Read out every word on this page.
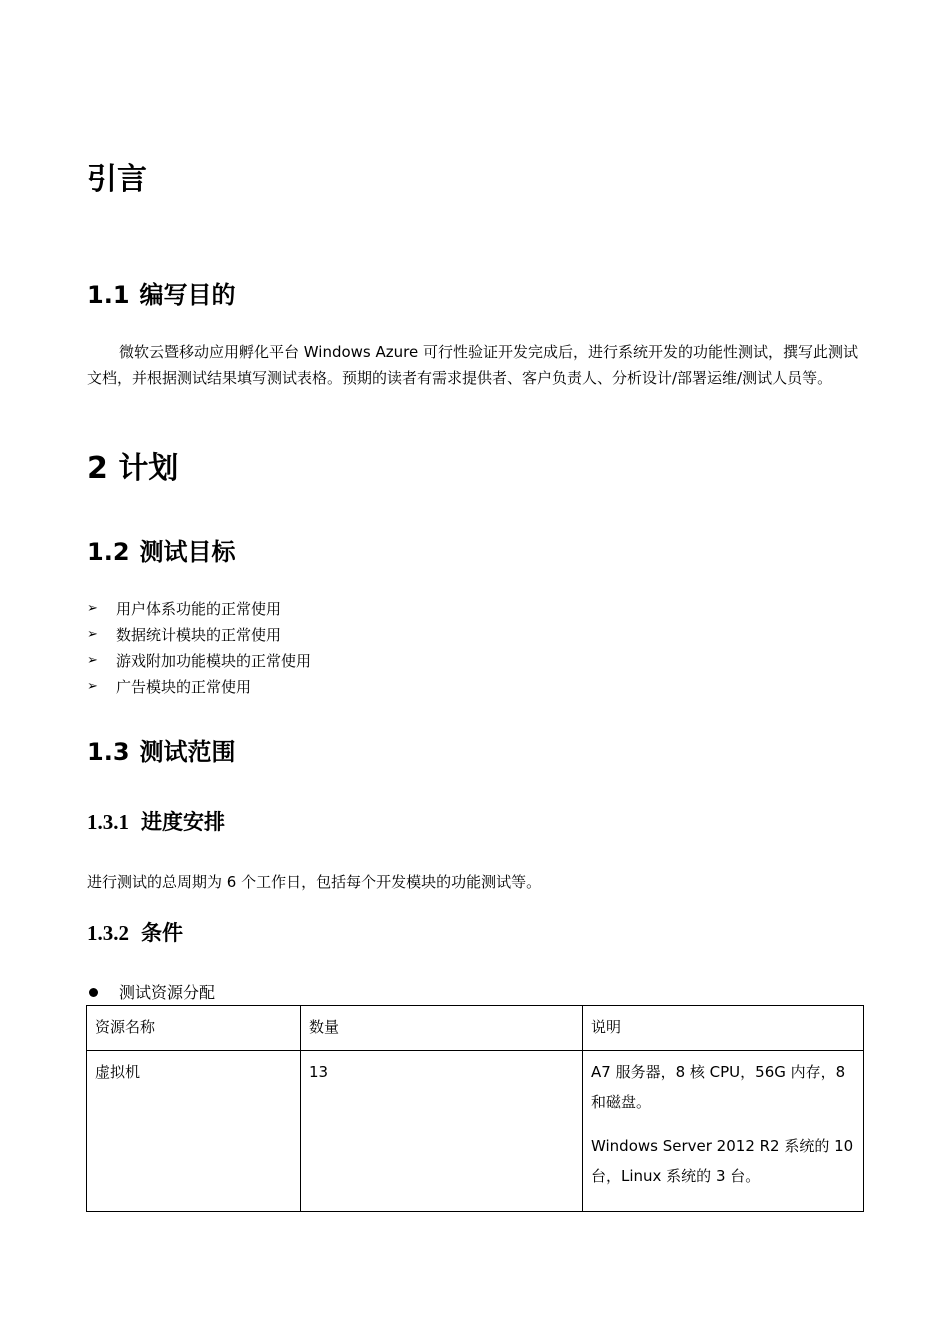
引言
1.1 编写目的
微软云暨移动应用孵化平台 Windows Azure 可行性验证开发完成后，进行系统开发的功能性测试，撰写此测试文档，并根据测试结果填写测试表格。预期的读者有需求提供者、客户负责人、分析设计/部署运维/测试人员等。
2 计划
1.2 测试目标
➢ 用户体系功能的正常使用
➢ 数据统计模块的正常使用
➢ 游戏附加功能模块的正常使用
➢ 广告模块的正常使用
1.3 测试范围
1.3.1 进度安排
进行测试的总周期为 6 个工作日，包括每个开发模块的功能测试等。
1.3.2 条件
测试资源分配
资源名称	数量	说明
虚拟机	13	A7 服务器，8 核 CPU，56G 内存，8 和磁盘。

Windows Server 2012 R2 系统的 10 台，Linux 系统的 3 台。
